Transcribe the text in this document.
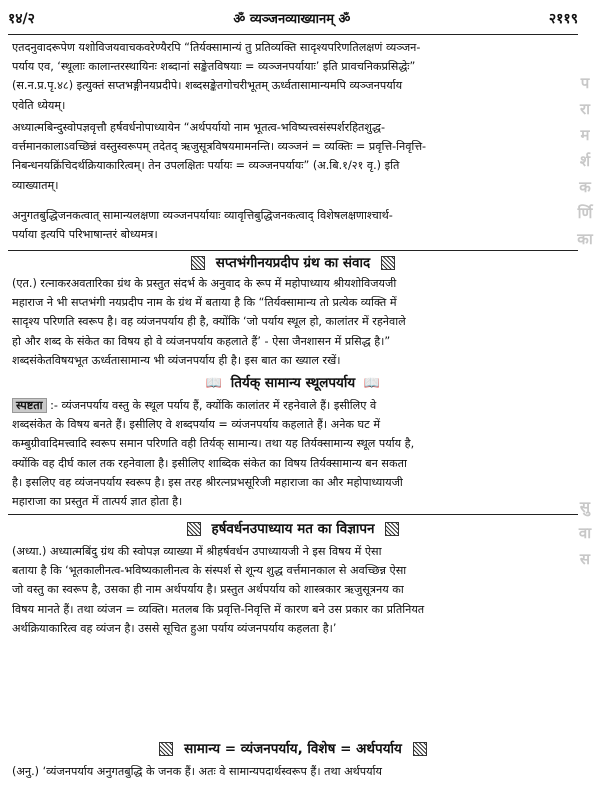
१४/२	ॐ व्यञ्जनव्याख्यानम् ॐ	२११९
एतदनुवादरूपेण यशोविजयवाचकवरेण्यैरपि “तिर्यक्सामान्यं तु प्रतिव्यक्ति सादृश्यपरिणतिलक्षणं व्यञ्जन-
पर्याय एव, ‘स्थूलाः कालान्तरस्थायिनः शब्दानां सङ्केतविषयाः = व्यञ्जनपर्यायाः’ इति प्रावचनिकप्रसिद्धेः”
(स.न.प्र.पृ.४८) इत्युक्तं सप्तभङ्गीनयप्रदीपे। शब्दसङ्केतगोचरीभूतम् ऊर्ध्वतासामान्यमपि व्यञ्जनपर्याय
एवेति ध्येयम्।
अध्यात्मबिन्दुस्वोपज्ञवृत्तौ हर्षवर्धनोपाध्यायेन “अर्थपर्यायो नाम भूतत्व-भविष्यत्त्वसंस्पर्शरहितशुद्ध-
वर्त्तमानकालाऽवच्छिन्नं वस्तुस्वरूपम् तदेतद् ऋजुसूत्रविषयमामनन्ति। व्यञ्जनं = व्यक्तिः = प्रवृत्ति-निवृत्ति-
निबन्धनयक्रिंचिदर्थक्रियाकारित्वम्। तेन उपलक्षितः पर्यायः = व्यञ्जनपर्यायः” (अ.बि.१/२१ वृ.) इति
व्याख्यातम्।
अनुगतबुद्धिजनकत्वात् सामान्यलक्षणा व्यञ्जनपर्यायाः व्यावृत्तिबुद्धिजनकत्वाद् विशेषलक्षणाश्चार्थ-
पर्याया इत्यपि परिभाषान्तरं बोध्यमत्र।
सप्तभंगीनयप्रदीप ग्रंथ का संवाद
(एत.) रत्नाकरअवतारिका ग्रंथ के प्रस्तुत संदर्भ के अनुवाद के रूप में महोपाध्याय श्रीयशोविजयजी
महाराज ने भी सप्तभंगी नयप्रदीप नाम के ग्रंथ में बताया है कि “तिर्यक्सामान्य तो प्रत्येक व्यक्ति में
सादृश्य परिणति स्वरूप है। वह व्यंजनपर्याय ही है, क्योंकि ‘जो पर्याय स्थूल हो, कालांतर में रहनेवाले
हो और शब्द के संकेत का विषय हो वे व्यंजनपर्याय कहलाते हैं’ - ऐसा जैनशासन में प्रसिद्ध है।”
शब्दसंकेतविषयभूत ऊर्ध्वतासामान्य भी व्यंजनपर्याय ही है। इस बात का ख्याल रखें।
📖 तिर्यक् सामान्य स्थूलपर्याय 📖
स्पष्टता :- व्यंजनपर्याय वस्तु के स्थूल पर्याय हैं, क्योंकि कालांतर में रहनेवाले हैं। इसीलिए वे
शब्दसंकेत के विषय बनते हैं। इसीलिए वे शब्दपर्याय = व्यंजनपर्याय कहलाते हैं। अनेक घट में
कम्बुग्रीवादिमत्त्वादि स्वरूप समान परिणति वही तिर्यक् सामान्य। तथा यह तिर्यक्सामान्य स्थूल पर्याय है,
क्योंकि वह दीर्घ काल तक रहनेवाला है। इसीलिए शाब्दिक संकेत का विषय तिर्यक्सामान्य बन सकता
है। इसलिए वह व्यंजनपर्याय स्वरूप है। इस तरह श्रीरत्नप्रभसूरिजी महाराजा का और महोपाध्यायजी
महाराजा का प्रस्तुत में तात्पर्य ज्ञात होता है।
हर्षवर्धनउपाध्याय मत का विज्ञापन
(अध्या.) अध्यात्मबिंदु ग्रंथ की स्वोपज्ञ व्याख्या में श्रीहर्षवर्धन उपाध्यायजी ने इस विषय में ऐसा
बताया है कि ‘भूतकालीनत्व-भविष्यकालीनत्व के संस्पर्श से शून्य शुद्ध वर्त्तमानकाल से अवच्छिन्न ऐसा
जो वस्तु का स्वरूप है, उसका ही नाम अर्थपर्याय है। प्रस्तुत अर्थपर्याय को शास्त्रकार ऋजुसूत्रनय का
विषय मानते हैं। तथा व्यंजन = व्यक्ति। मतलब कि प्रवृत्ति-निवृत्ति में कारण बने उस प्रकार का प्रतिनियत
अर्थक्रियाकारित्व वह व्यंजन है। उससे सूचित हुआ पर्याय व्यंजनपर्याय कहलता है।’
सामान्य = व्यंजनपर्याय, विशेष = अर्थपर्याय
(अनु.) ‘व्यंजनपर्याय अनुगतबुद्धि के जनक हैं। अतः वे सामान्यपदार्थस्वरूप हैं। तथा अर्थपर्याय
प
रा
म
र्श
क
र्णि
का
सु
वा
स
